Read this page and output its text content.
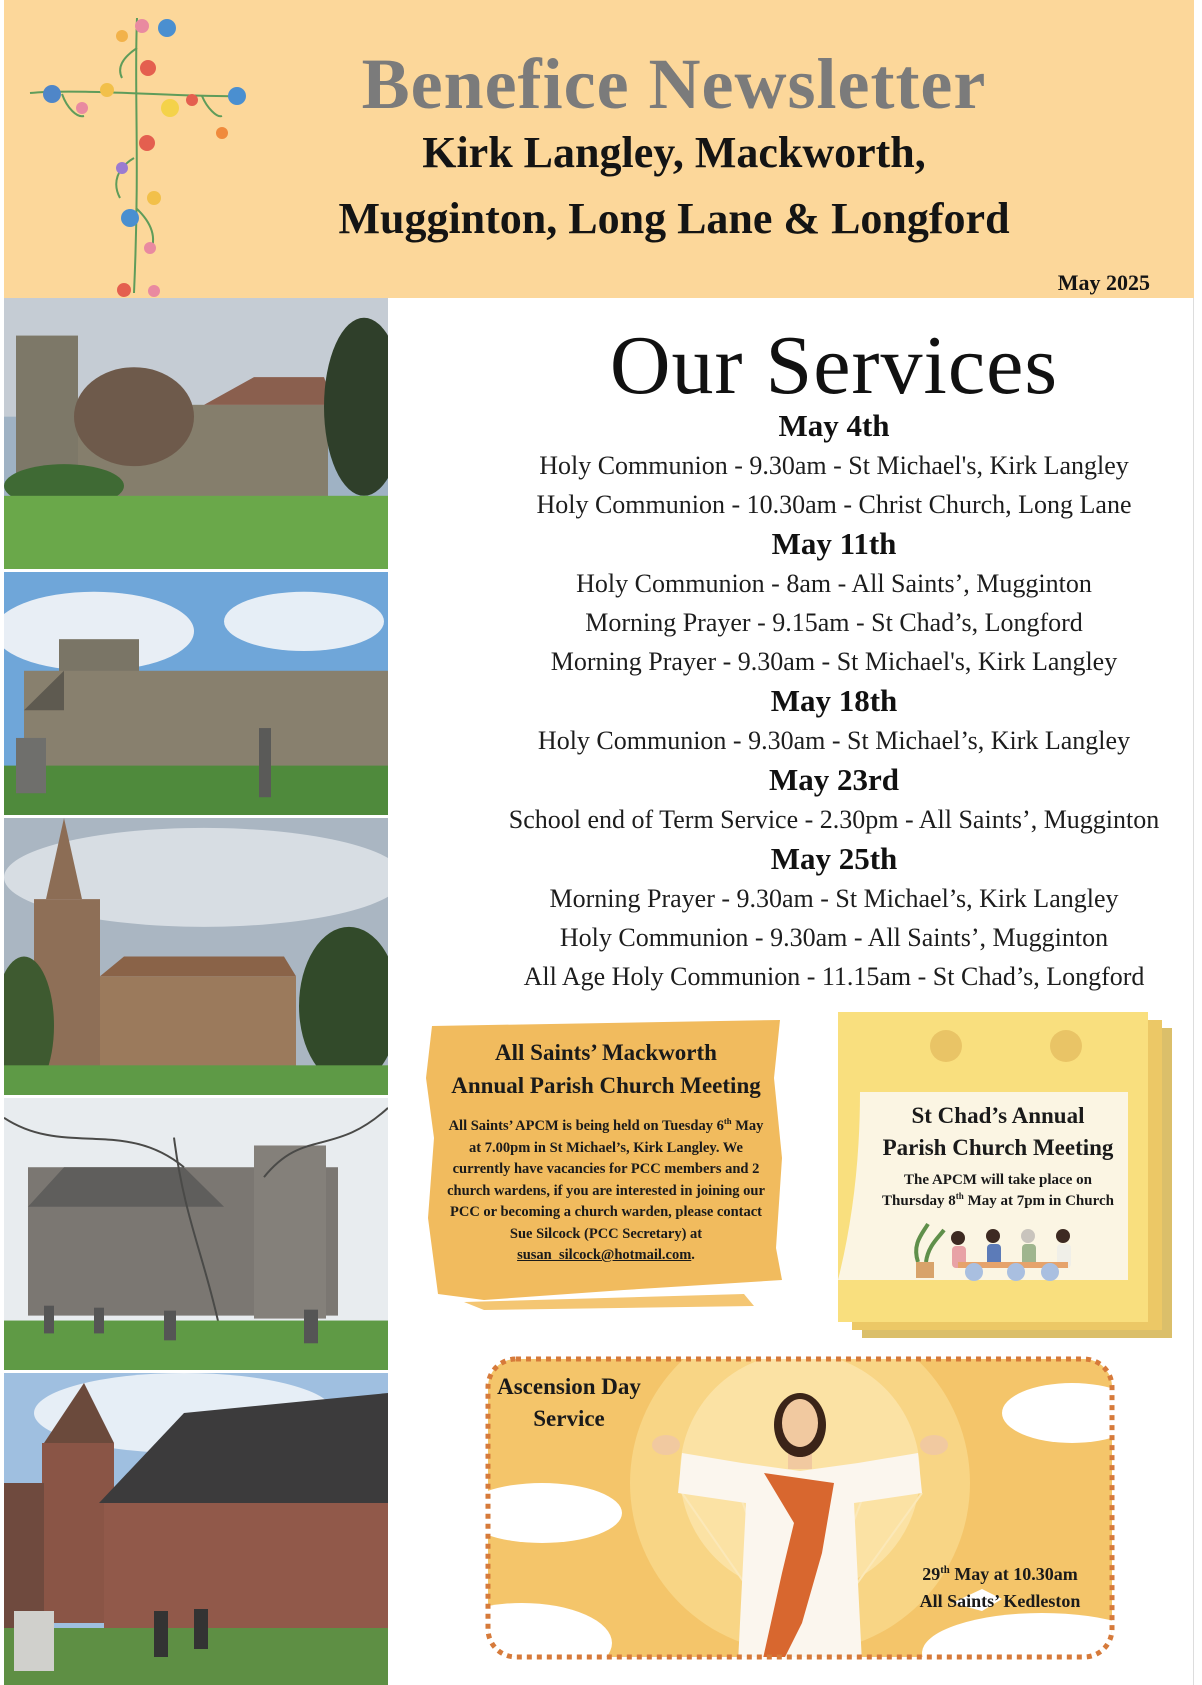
Benefice Newsletter
Kirk Langley, Mackworth,
Mugginton, Long Lane & Longford
May 2025
Our Services
May 4th
Holy Communion - 9.30am - St Michael's, Kirk Langley
Holy Communion - 10.30am - Christ Church, Long Lane
May 11th
Holy Communion - 8am - All Saints’, Mugginton
Morning Prayer - 9.15am - St Chad’s, Longford
Morning Prayer - 9.30am - St Michael's, Kirk Langley
May 18th
Holy Communion - 9.30am - St Michael’s, Kirk Langley
May 23rd
School end of Term Service - 2.30pm - All Saints’, Mugginton
May 25th
Morning Prayer - 9.30am - St Michael’s, Kirk Langley
Holy Communion - 9.30am - All Saints’, Mugginton
All Age Holy Communion - 11.15am - St Chad’s, Longford
All Saints’ Mackworth
Annual Parish Church Meeting
All Saints’ APCM is being held on Tuesday 6th May at 7.00pm in St Michael’s, Kirk Langley. We currently have vacancies for PCC members and 2 church wardens, if you are interested in joining our PCC or becoming a church warden, please contact Sue Silcock (PCC Secretary) at susan_silcock@hotmail.com.
St Chad’s Annual
Parish Church Meeting
The APCM will take place on
Thursday 8th May at 7pm in Church
Ascension Day
Service
29th May at 10.30am
All Saints’ Kedleston
